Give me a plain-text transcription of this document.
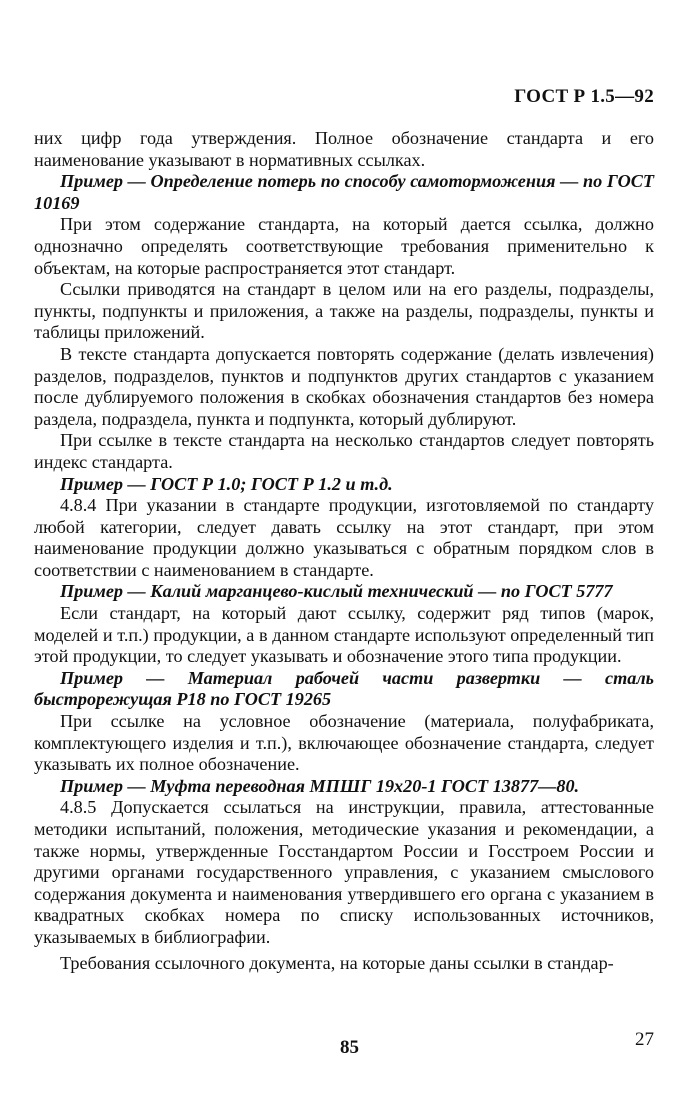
ГОСТ Р 1.5—92

них цифр года утверждения. Полное обозначение стандарта и его наименование указывают в нормативных ссылках.

Пример — Определение потерь по способу самоторможения — по ГОСТ 10169

При этом содержание стандарта, на который дается ссылка, должно однозначно определять соответствующие требования применительно к объектам, на которые распространяется этот стандарт.

Ссылки приводятся на стандарт в целом или на его разделы, подразделы, пункты, подпункты и приложения, а также на разделы, подразделы, пункты и таблицы приложений.

В тексте стандарта допускается повторять содержание (делать извлечения) разделов, подразделов, пунктов и подпунктов других стандартов с указанием после дублируемого положения в скобках обозначения стандартов без номера раздела, подраздела, пункта и подпункта, который дублируют.

При ссылке в тексте стандарта на несколько стандартов следует повторять индекс стандарта.

Пример — ГОСТ Р 1.0; ГОСТ Р 1.2 и т.д.

4.8.4 При указании в стандарте продукции, изготовляемой по стандарту любой категории, следует давать ссылку на этот стандарт, при этом наименование продукции должно указываться с обратным порядком слов в соответствии с наименованием в стандарте.

Пример — Калий марганцево-кислый технический — по ГОСТ 5777

Если стандарт, на который дают ссылку, содержит ряд типов (марок, моделей и т.п.) продукции, а в данном стандарте используют определенный тип этой продукции, то следует указывать и обозначение этого типа продукции.

Пример — Материал рабочей части развертки — сталь быстрорежущая Р18 по ГОСТ 19265

При ссылке на условное обозначение (материала, полуфабриката, комплектующего изделия и т.п.), включающее обозначение стандарта, следует указывать их полное обозначение.

Пример — Муфта переводная МПШГ 19х20-1 ГОСТ 13877—80.

4.8.5 Допускается ссылаться на инструкции, правила, аттестованные методики испытаний, положения, методические указания и рекомендации, а также нормы, утвержденные Госстандартом России и Госстроем России и другими органами государственного управления, с указанием смыслового содержания документа и наименования утвердившего его органа с указанием в квадратных скобках номера по списку использованных источников, указываемых в библиографии.

Требования ссылочного документа, на которые даны ссылки в стандар-

85	27
